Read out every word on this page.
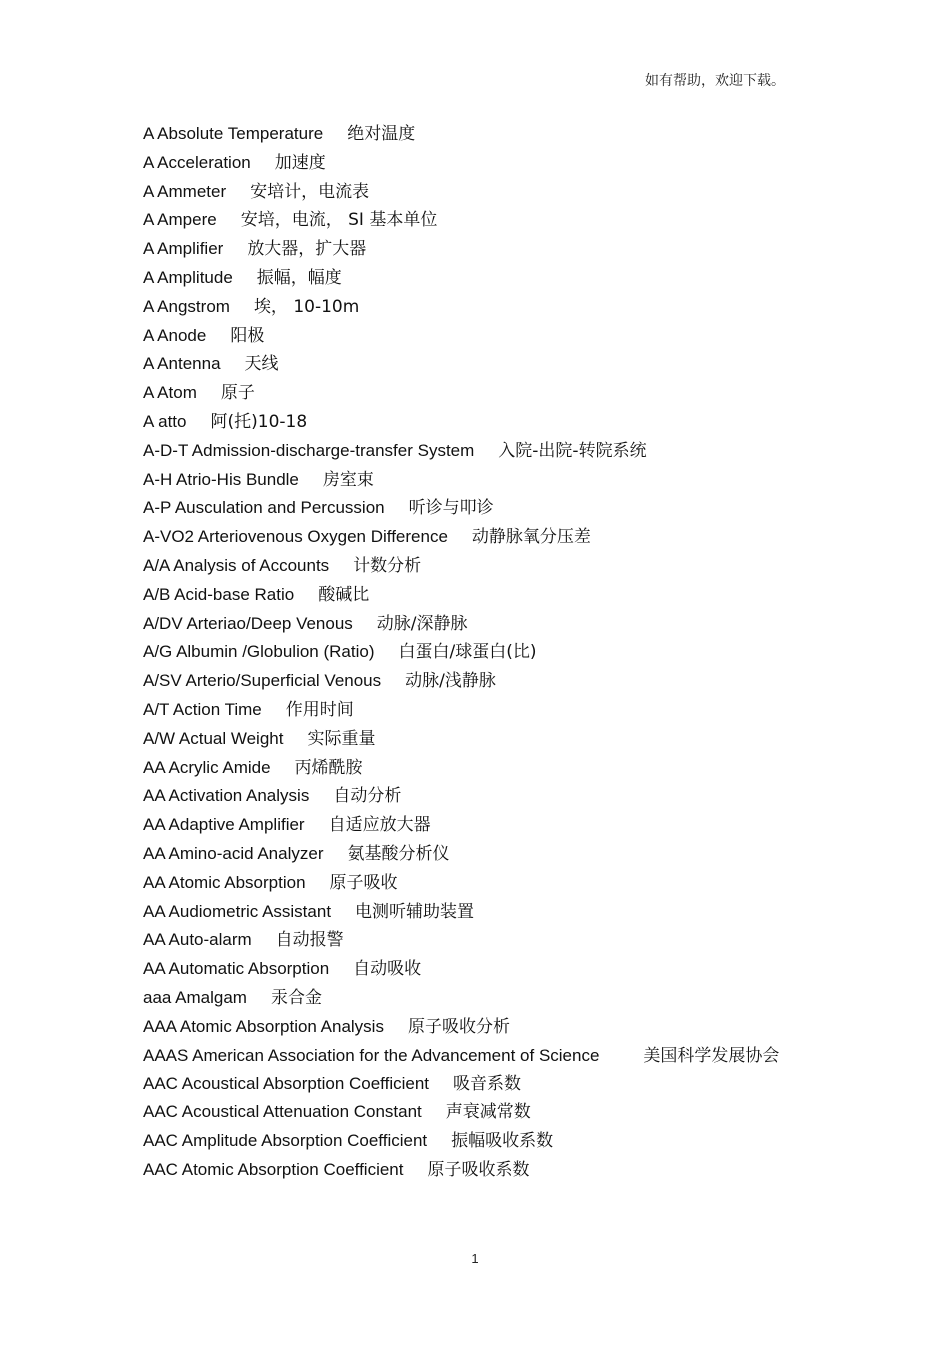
如有帮助，欢迎下载。
A Absolute Temperature 绝对温度
A Acceleration 加速度
A Ammeter 安培计，电流表
A Ampere 安培，电流， SI 基本单位
A Amplifier 放大器，扩大器
A Amplitude 振幅，幅度
A Angstrom 埃， 10-10m
A Anode 阳极
A Antenna 天线
A Atom 原子
A atto 阿(托)10-18
A-D-T Admission-discharge-transfer System 入院-出院-转院系统
A-H Atrio-His Bundle 房室束
A-P Ausculation and Percussion 听诊与叩诊
A-VO2 Arteriovenous Oxygen Difference 动静脉氧分压差
A/A Analysis of Accounts 计数分析
A/B Acid-base Ratio 酸碱比
A/DV Arteriao/Deep Venous 动脉/深静脉
A/G Albumin /Globulion (Ratio) 白蛋白/球蛋白(比)
A/SV Arterio/Superficial Venous 动脉/浅静脉
A/T Action Time 作用时间
A/W Actual Weight 实际重量
AA Acrylic Amide 丙烯酰胺
AA Activation Analysis 自动分析
AA Adaptive Amplifier 自适应放大器
AA Amino-acid Analyzer 氨基酸分析仪
AA Atomic Absorption 原子吸收
AA Audiometric Assistant 电测听辅助装置
AA Auto-alarm 自动报警
AA Automatic Absorption 自动吸收
aaa Amalgam 汞合金
AAA Atomic Absorption Analysis 原子吸收分析
AAAS American Association for the Advancement of Science	美国科学发展协会
AAC Acoustical Absorption Coefficient 吸音系数
AAC Acoustical Attenuation Constant 声衰减常数
AAC Amplitude Absorption Coefficient 振幅吸收系数
AAC Atomic Absorption Coefficient 原子吸收系数
1
